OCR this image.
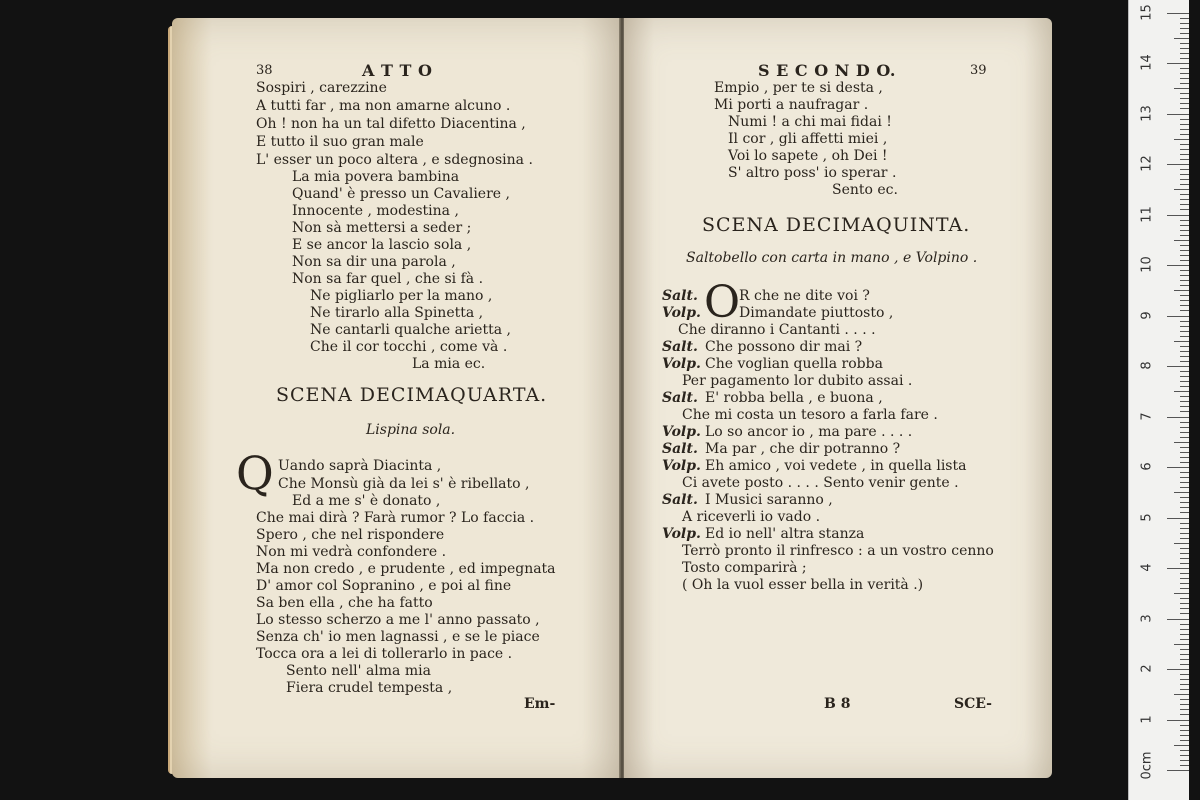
38	A T T O
Sospiri , carezzine
A tutti far , ma non amarne alcuno .
Oh ! non ha un tal difetto Diacentina ,
E tutto il suo gran male
L' esser un poco altera , e sdegnosina .
La mia povera bambina
Quand' è presso un Cavaliere ,
Innocente , modestina ,
Non sà mettersi a seder ;
E se ancor la lascio sola ,
Non sa dir una parola ,
Non sa far quel , che si fà .
Ne pigliarlo per la mano ,
Ne tirarlo alla Spinetta ,
Ne cantarli qualche arietta ,
Che il cor tocchi , come và .
La mia ec.
SCENA DECIMAQUARTA.
Lispina sola.
Q Uando saprà Diacinta ,
Che Monsù già da lei s' è ribellato ,
Ed a me s' è donato ,
Che mai dirà ? Farà rumor ? Lo faccia .
Spero , che nel rispondere
Non mi vedrà confondere .
Ma non credo , e prudente , ed impegnata
D' amor col Sopranino , e poi al fine
Sa ben ella , che ha fatto
Lo stesso scherzo a me l' anno passato ,
Senza ch' io men lagnassi , e se le piace
Tocca ora a lei di tollerarlo in pace .
Sento nell' alma mia
Fiera crudel tempesta ,
Em-
S E C O N D O.	39
Empio , per te si desta ,
Mi porti a naufragar .
Numi ! a chi mai fidai !
Il cor , gli affetti miei ,
Voi lo sapete , oh Dei !
S' altro poss' io sperar .
Sento ec.
SCENA DECIMAQUINTA.
Saltobello con carta in mano , e Volpino .
O
Salt.	R che ne dite voi ?
Volp.	Dimandate piuttosto ,
Che diranno i Cantanti . . . .
Salt. Che possono dir mai ?
Volp. Che voglian quella robba
Per pagamento lor dubito assai .
Salt. E' robba bella , e buona ,
Che mi costa un tesoro a farla fare .
Volp. Lo so ancor io , ma pare . . . .
Salt. Ma par , che dir potranno ?
Volp. Eh amico , voi vedete , in quella lista
Ci avete posto . . . . Sento venir gente .
Salt. I Musici saranno ,
A riceverli io vado .
Volp. Ed io nell' altra stanza
Terrò pronto il rinfresco : a un vostro cenno
Tosto comparirà ;
( Oh la vuol esser bella in verità .)
B 8	SCE-
0cm
1
2
3
4
5
6
7
8
9
10
11
12
13
14
15
